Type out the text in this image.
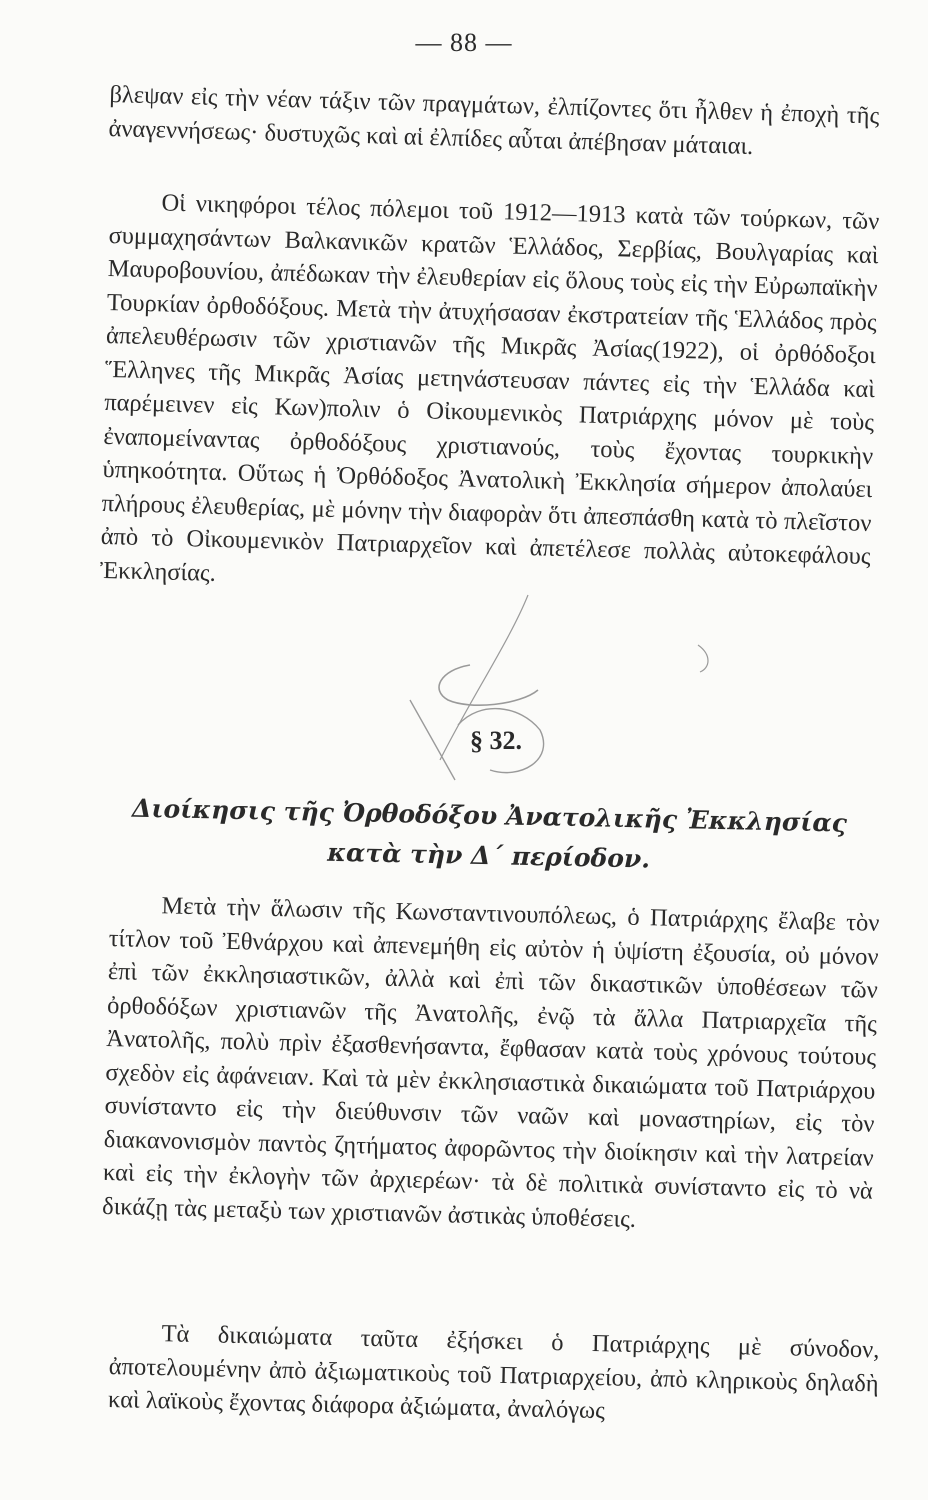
— 88 —

βλεψαν εἰς τὴν νέαν τάξιν τῶν πραγμάτων, ἐλπίζοντες ὅτι ἦλθεν ἡ ἐποχὴ τῆς ἀναγεννήσεως· δυστυχῶς καὶ αἱ ἐλπίδες αὗται ἀπέβησαν μάταιαι.

Οἱ νικηφόροι τέλος πόλεμοι τοῦ 1912—1913 κατὰ τῶν τούρκων, τῶν συμμαχησάντων Βαλκανικῶν κρατῶν Ἑλλάδος, Σερβίας, Βουλγαρίας καὶ Μαυροβουνίου, ἀπέδωκαν τὴν ἐλευθερίαν εἰς ὅλους τοὺς εἰς τὴν Εὐρωπαϊκὴν Τουρκίαν ὀρθοδόξους. Μετὰ τὴν ἀτυχήσασαν ἐκστρατείαν τῆς Ἑλλάδος πρὸς ἀπελευθέρωσιν τῶν χριστιανῶν τῆς Μικρᾶς Ἀσίας(1922), οἱ ὀρθόδοξοι Ἕλληνες τῆς Μικρᾶς Ἀσίας μετηνάστευσαν πάντες εἰς τὴν Ἑλλάδα καὶ παρέμεινεν εἰς Κων)πολιν ὁ Οἰκουμενικὸς Πατριάρχης μόνον μὲ τοὺς ἐναπομείναντας ὀρθοδόξους χριστιανούς, τοὺς ἔχοντας τουρκικὴν ὑπηκοότητα. Οὕτως ἡ Ὀρθόδοξος Ἀνατολικὴ Ἐκκλησία σήμερον ἀπολαύει πλήρους ἐλευθερίας, μὲ μόνην τὴν διαφορὰν ὅτι ἀπεσπάσθη κατὰ τὸ πλεῖστον ἀπὸ τὸ Οἰκουμενικὸν Πατριαρχεῖον καὶ ἀπετέλεσε πολλὰς αὐτοκεφάλους Ἐκκλησίας.

§ 32.
Διοίκησις τῆς Ὀρθοδόξου Ἀνατολικῆς Ἐκκλησίας
κατὰ τὴν Δ΄ περίοδον.

Μετὰ τὴν ἅλωσιν τῆς Κωνσταντινουπόλεως, ὁ Πατριάρχης ἔλαβε τὸν τίτλον τοῦ Ἐθνάρχου καὶ ἀπενεμήθη εἰς αὐτὸν ἡ ὑψίστη ἐξουσία, οὐ μόνον ἐπὶ τῶν ἐκκλησιαστικῶν, ἀλλὰ καὶ ἐπὶ τῶν δικαστικῶν ὑποθέσεων τῶν ὀρθοδόξων χριστιανῶν τῆς Ἀνατολῆς, ἐνῷ τὰ ἄλλα Πατριαρχεῖα τῆς Ἀνατολῆς, πολὺ πρὶν ἐξασθενήσαντα, ἔφθασαν κατὰ τοὺς χρόνους τούτους σχεδὸν εἰς ἀφάνειαν. Καὶ τὰ μὲν ἐκκλησιαστικὰ δικαιώματα τοῦ Πατριάρχου συνίσταντο εἰς τὴν διεύθυνσιν τῶν ναῶν καὶ μοναστηρίων, εἰς τὸν διακανονισμὸν παντὸς ζητήματος ἀφορῶντος τὴν διοίκησιν καὶ τὴν λατρείαν καὶ εἰς τὴν ἐκλογὴν τῶν ἀρχιερέων· τὰ δὲ πολιτικὰ συνίσταντο εἰς τὸ νὰ δικάζῃ τὰς μεταξὺ των χριστιανῶν ἀστικὰς ὑποθέσεις.

Τὰ δικαιώματα ταῦτα ἐξήσκει ὁ Πατριάρχης μὲ σύνοδον, ἀποτελουμένην ἀπὸ ἀξιωματικοὺς τοῦ Πατριαρχείου, ἀπὸ κληρικοὺς δηλαδὴ καὶ λαϊκοὺς ἔχοντας διάφορα ἀξιώματα, ἀναλόγως
